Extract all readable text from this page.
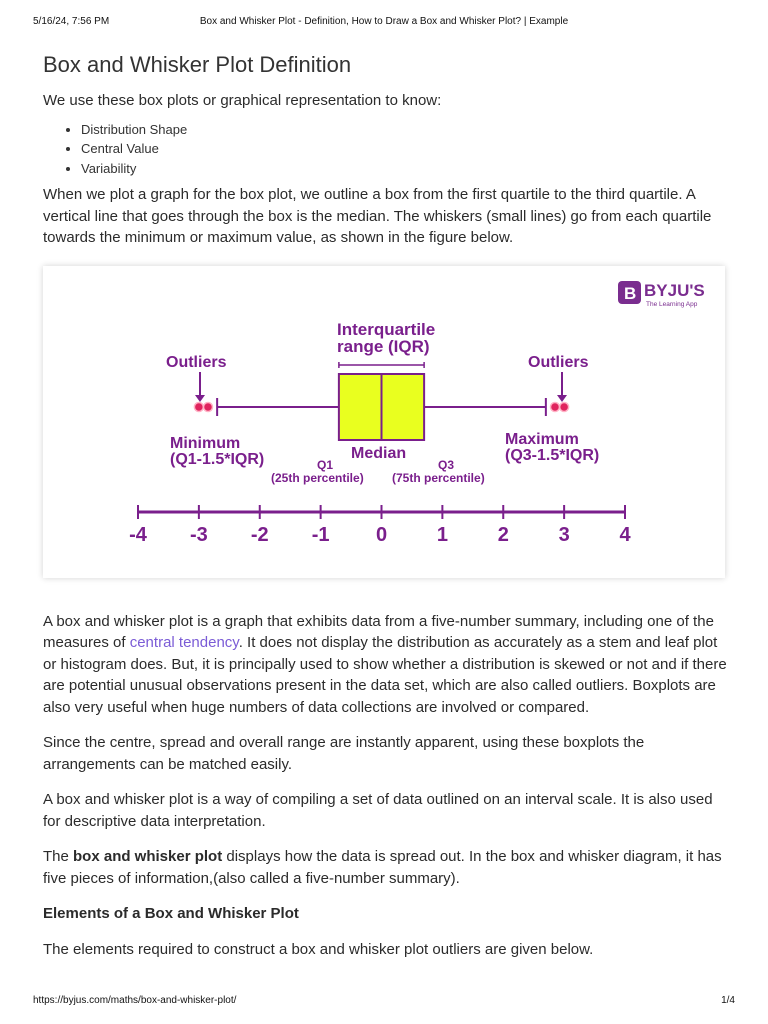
5/16/24, 7:56 PM	Box and Whisker Plot - Definition, How to Draw a Box and Whisker Plot? | Example
Box and Whisker Plot Definition

We use these box plots or graphical representation to know:

• Distribution Shape
• Central Value
• Variability

When we plot a graph for the box plot, we outline a box from the first quartile to the third quartile. A vertical line that goes through the box is the median. The whiskers (small lines) go from each quartile towards the minimum or maximum value, as shown in the figure below.

B BYJU'S
The Learning App
Interquartile
range (IQR)
Outliers	Outliers
Minimum
(Q1-1.5*IQR)
Maximum
(Q3-1.5*IQR)
Median
Q1
(25th percentile)
Q3
(75th percentile)
-4 -3 -2 -1 0 1 2 3 4

A box and whisker plot is a graph that exhibits data from a five-number summary, including one of the measures of central tendency. It does not display the distribution as accurately as a stem and leaf plot or histogram does. But, it is principally used to show whether a distribution is skewed or not and if there are potential unusual observations present in the data set, which are also called outliers. Boxplots are also very useful when huge numbers of data collections are involved or compared.

Since the centre, spread and overall range are instantly apparent, using these boxplots the arrangements can be matched easily.

A box and whisker plot is a way of compiling a set of data outlined on an interval scale. It is also used for descriptive data interpretation.

The box and whisker plot displays how the data is spread out. In the box and whisker diagram, it has five pieces of information,(also called a five-number summary).

Elements of a Box and Whisker Plot

The elements required to construct a box and whisker plot outliers are given below.

https://byjus.com/maths/box-and-whisker-plot/	1/4
